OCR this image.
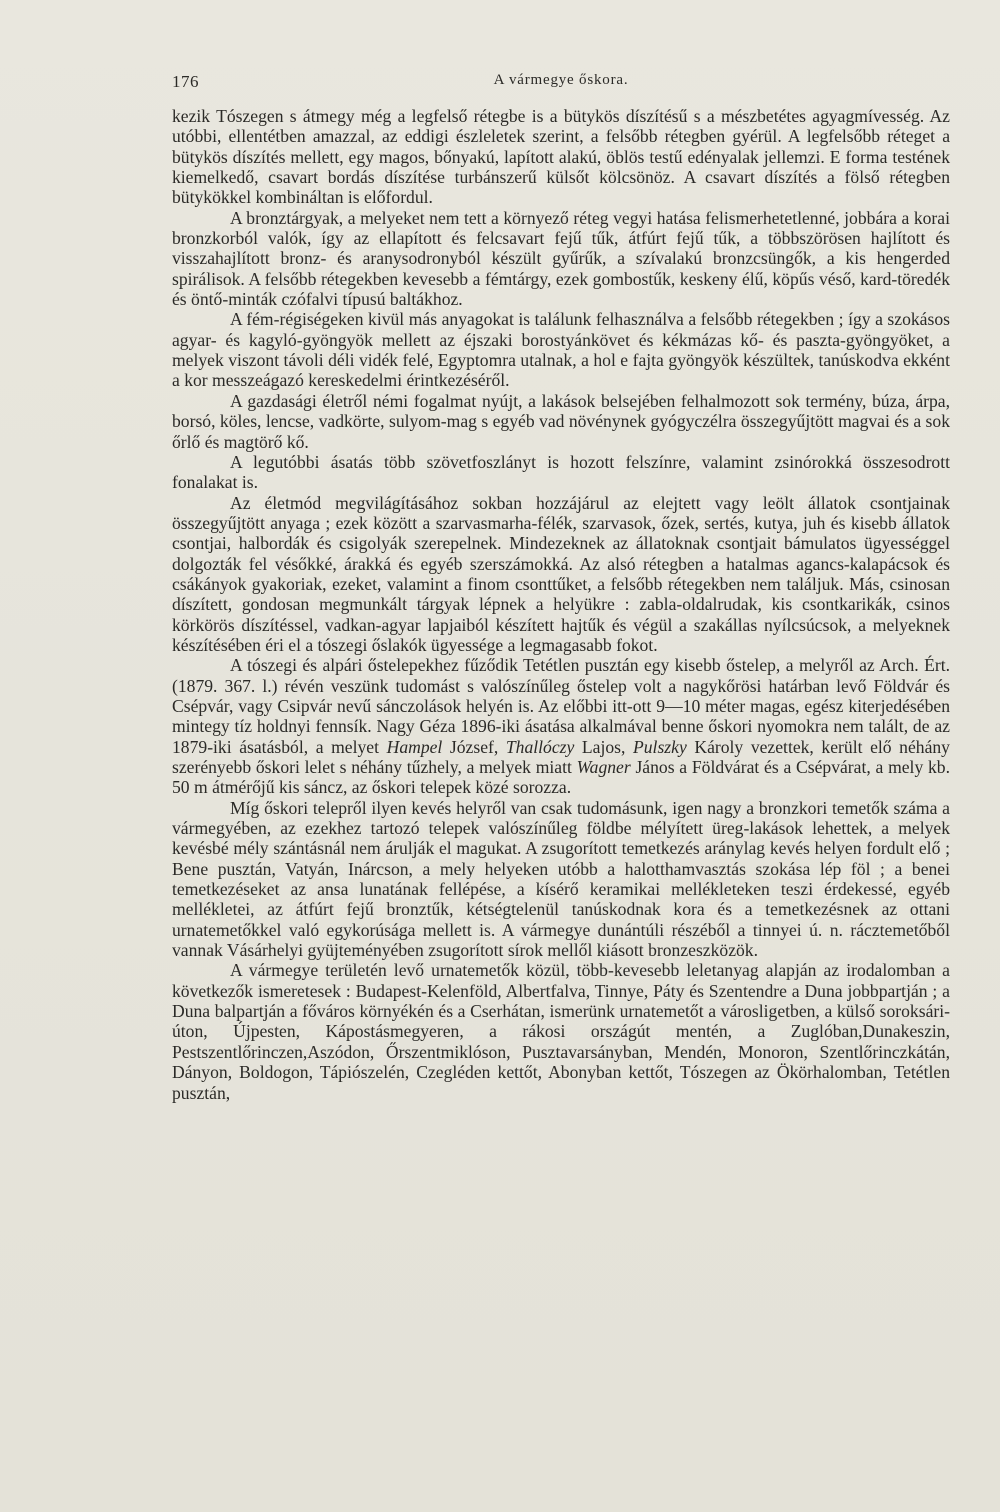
176	A vármegye őskora.

kezik Tószegen s átmegy még a legfelső rétegbe is a bütykös díszítésű s a mészbetétes agyagmívesség. Az utóbbi, ellentétben amazzal, az eddigi észleletek szerint, a felsőbb rétegben gyérül. A legfelsőbb réteget a bütykös díszítés mellett, egy magos, bőnyakú, lapított alakú, öblös testű edényalak jellemzi. E forma testének kiemelkedő, csavart bordás díszítése turbánszerű külsőt kölcsönöz. A csavart díszítés a fölső rétegben bütykökkel kombináltan is előfordul.

A bronztárgyak, a melyeket nem tett a környező réteg vegyi hatása felismerhetetlenné, jobbára a korai bronzkorból valók, így az ellapított és felcsavart fejű tűk, átfúrt fejű tűk, a többszörösen hajlított és visszahajlított bronz- és aranysodronyból készült gyűrűk, a szívalakú bronzcsüngők, a kis hengerded spirálisok. A felsőbb rétegekben kevesebb a fémtárgy, ezek gombostűk, keskeny élű, köpűs véső, kard-töredék és öntő-minták czófalvi típusú baltákhoz.

A fém-régiségeken kivül más anyagokat is találunk felhasználva a felsőbb rétegekben ; így a szokásos agyar- és kagyló-gyöngyök mellett az éjszaki borostyánkövet és kékmázas kő- és paszta-gyöngyöket, a melyek viszont távoli déli vidék felé, Egyptomra utalnak, a hol e fajta gyöngyök készültek, tanúskodva ekként a kor messzeágazó kereskedelmi érintkezéséről.

A gazdasági életről némi fogalmat nyújt, a lakások belsejében felhalmozott sok termény, búza, árpa, borsó, köles, lencse, vadkörte, sulyom-mag s egyéb vad növénynek gyógyczélra összegyűjtött magvai és a sok őrlő és magtörő kő.

A legutóbbi ásatás több szövetfoszlányt is hozott felszínre, valamint zsinórokká összesodrott fonalakat is.

Az életmód megvilágításához sokban hozzájárul az elejtett vagy leölt állatok csontjainak összegyűjtött anyaga ; ezek között a szarvasmarha-félék, szarvasok, őzek, sertés, kutya, juh és kisebb állatok csontjai, halbordák és csigolyák szerepelnek. Mindezeknek az állatoknak csontjait bámulatos ügyességgel dolgozták fel vésőkké, árakká és egyéb szerszámokká. Az alsó rétegben a hatalmas agancs-kalapácsok és csákányok gyakoriak, ezeket, valamint a finom csonttűket, a felsőbb rétegekben nem találjuk. Más, csinosan díszített, gondosan megmunkált tárgyak lépnek a helyükre : zabla-oldalrudak, kis csontkarikák, csinos körkörös díszítéssel, vadkan-agyar lapjaiból készített hajtűk és végül a szakállas nyílcsúcsok, a melyeknek készítésében éri el a tószegi őslakók ügyessége a legmagasabb fokot.

A tószegi és alpári őstelepekhez fűződik Tetétlen pusztán egy kisebb őstelep, a melyről az Arch. Ért. (1879. 367. l.) révén veszünk tudomást s valószínűleg őstelep volt a nagykőrösi határban levő Földvár és Csépvár, vagy Csipvár nevű sánczolások helyén is. Az előbbi itt-ott 9—10 méter magas, egész kiterjedésében mintegy tíz holdnyi fennsík. Nagy Géza 1896-iki ásatása alkalmával benne őskori nyomokra nem talált, de az 1879-iki ásatásból, a melyet Hampel József, Thallóczy Lajos, Pulszky Károly vezettek, került elő néhány szerényebb őskori lelet s néhány tűzhely, a melyek miatt Wagner János a Földvárat és a Csépvárat, a mely kb. 50 m átmérőjű kis sáncz, az őskori telepek közé sorozza.

Míg őskori telepről ilyen kevés helyről van csak tudomásunk, igen nagy a bronzkori temetők száma a vármegyében, az ezekhez tartozó telepek valószínűleg földbe mélyített üreg-lakások lehettek, a melyek kevésbé mély szántásnál nem árulják el magukat. A zsugorított temetkezés aránylag kevés helyen fordult elő ; Bene pusztán, Vatyán, Inárcson, a mely helyeken utóbb a halotthamvasztás szokása lép föl ; a benei temetkezéseket az ansa lunatának fellépése, a kísérő keramikai mellékleteken teszi érdekessé, egyéb mellékletei, az átfúrt fejű bronztűk, kétségtelenül tanúskodnak kora és a temetkezésnek az ottani urnatemetőkkel való egykorúsága mellett is. A vármegye dunántúli részéből a tinnyei ú. n. rácztemetőből vannak Vásárhelyi gyüjteményében zsugorított sírok mellől kiásott bronzeszközök.

A vármegye területén levő urnatemetők közül, több-kevesebb leletanyag alapján az irodalomban a következők ismeretesek : Budapest-Kelenföld, Albertfalva, Tinnye, Páty és Szentendre a Duna jobbpartján ; a Duna balpartján a főváros környékén és a Cserhátan, ismerünk urnatemetőt a városligetben, a külső soroksári-úton, Újpesten, Kápostásmegyeren, a rákosi országút mentén, a Zuglóban,Dunakeszin, Pestszentlőrinczen,Aszódon, Őrszentmiklóson, Pusztavarsányban, Mendén, Monoron, Szentlőrinczkátán, Dányon, Boldogon, Tápiószelén, Czegléden kettőt, Abonyban kettőt, Tószegen az Ökörhalomban, Tetétlen pusztán,
